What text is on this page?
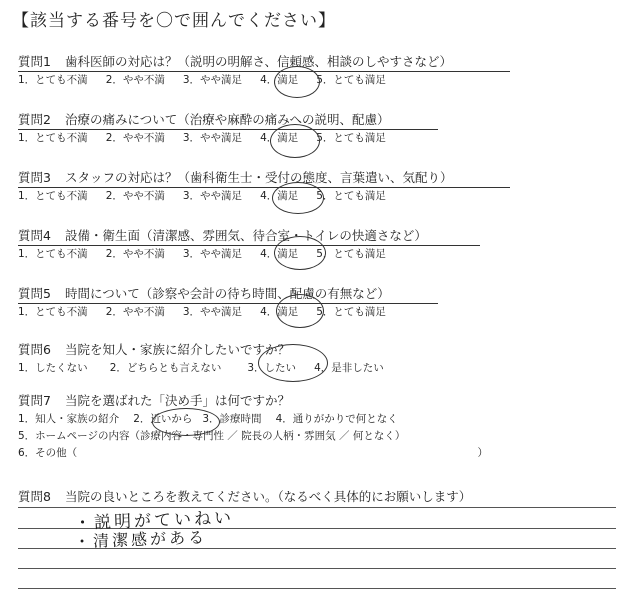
【該当する番号を〇で囲んでください】
質問1 歯科医師の対応は？（説明の明解さ、信頼感、相談のしやすさなど）
1．とても不満 2．やや不満 3．やや満足 4．満足 5．とても満足
質問2 治療の痛みについて（治療や麻酔の痛みへの説明、配慮）
1．とても不満 2．やや不満 3．やや満足 4．満足 5．とても満足
質問3 スタッフの対応は？（歯科衛生士・受付の態度、言葉遣い、気配り）
1．とても不満 2．やや不満 3．やや満足 4．満足 5．とても満足
質問4 設備・衛生面（清潔感、雰囲気、待合室・トイレの快適さなど）
1．とても不満 2．やや不満 3．やや満足 4．満足 5．とても満足
質問5 時間について（診察や会計の待ち時間、配慮の有無など）
1．とても不満 2．やや不満 3．やや満足 4．満足 5．とても満足
質問6 当院を知人・家族に紹介したいですか？
1．したくない 2．どちらとも言えない 3．したい 4．是非したい
質問7 当院を選ばれた「決め手」は何ですか？
1．知人・家族の紹介 2．近いから 3．診療時間 4．通りがかりで何となく
5．ホームページの内容（診療内容・専門性 ／ 院長の人柄・雰囲気 ／ 何となく）
6．その他（	）
質問8 当院の良いところを教えてください。（なるべく具体的にお願いします）
・説明がていねい
・清潔感がある
